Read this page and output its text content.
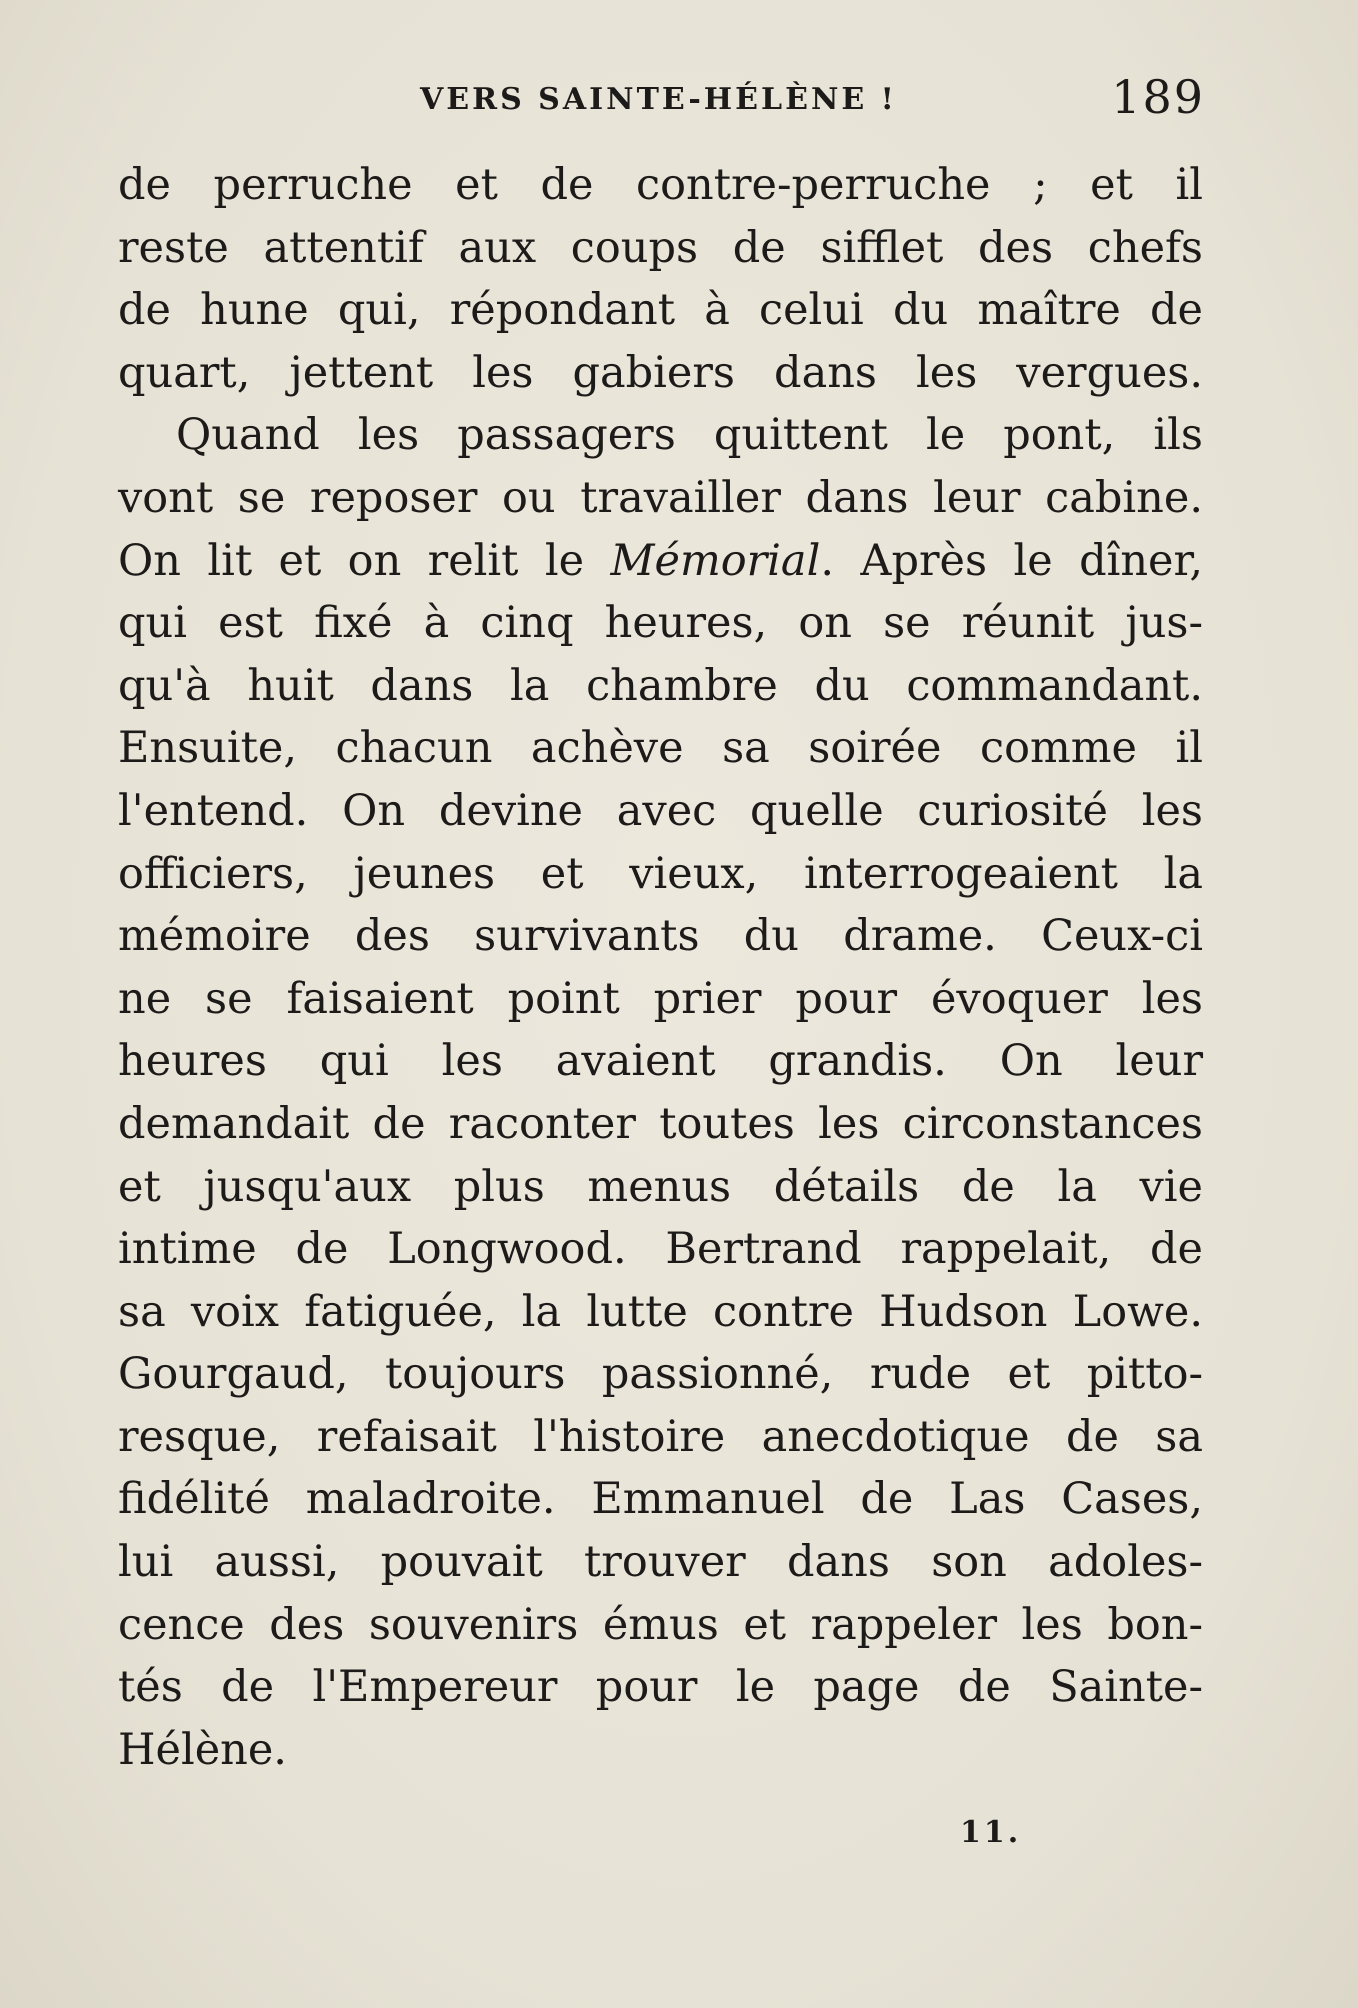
VERS SAINTE-HÉLÈNE !	189
de perruche et de contre-perruche ; et il
reste attentif aux coups de sifflet des chefs
de hune qui, répondant à celui du maître de
quart, jettent les gabiers dans les vergues.
Quand les passagers quittent le pont, ils
vont se reposer ou travailler dans leur cabine.
On lit et on relit le Mémorial. Après le dîner,
qui est fixé à cinq heures, on se réunit jus-
qu'à huit dans la chambre du commandant.
Ensuite, chacun achève sa soirée comme il
l'entend. On devine avec quelle curiosité les
officiers, jeunes et vieux, interrogeaient la
mémoire des survivants du drame. Ceux-ci
ne se faisaient point prier pour évoquer les
heures qui les avaient grandis. On leur
demandait de raconter toutes les circonstances
et jusqu'aux plus menus détails de la vie
intime de Longwood. Bertrand rappelait, de
sa voix fatiguée, la lutte contre Hudson Lowe.
Gourgaud, toujours passionné, rude et pitto-
resque, refaisait l'histoire anecdotique de sa
fidélité maladroite. Emmanuel de Las Cases,
lui aussi, pouvait trouver dans son adoles-
cence des souvenirs émus et rappeler les bon-
tés de l'Empereur pour le page de Sainte-
Hélène.
11.
